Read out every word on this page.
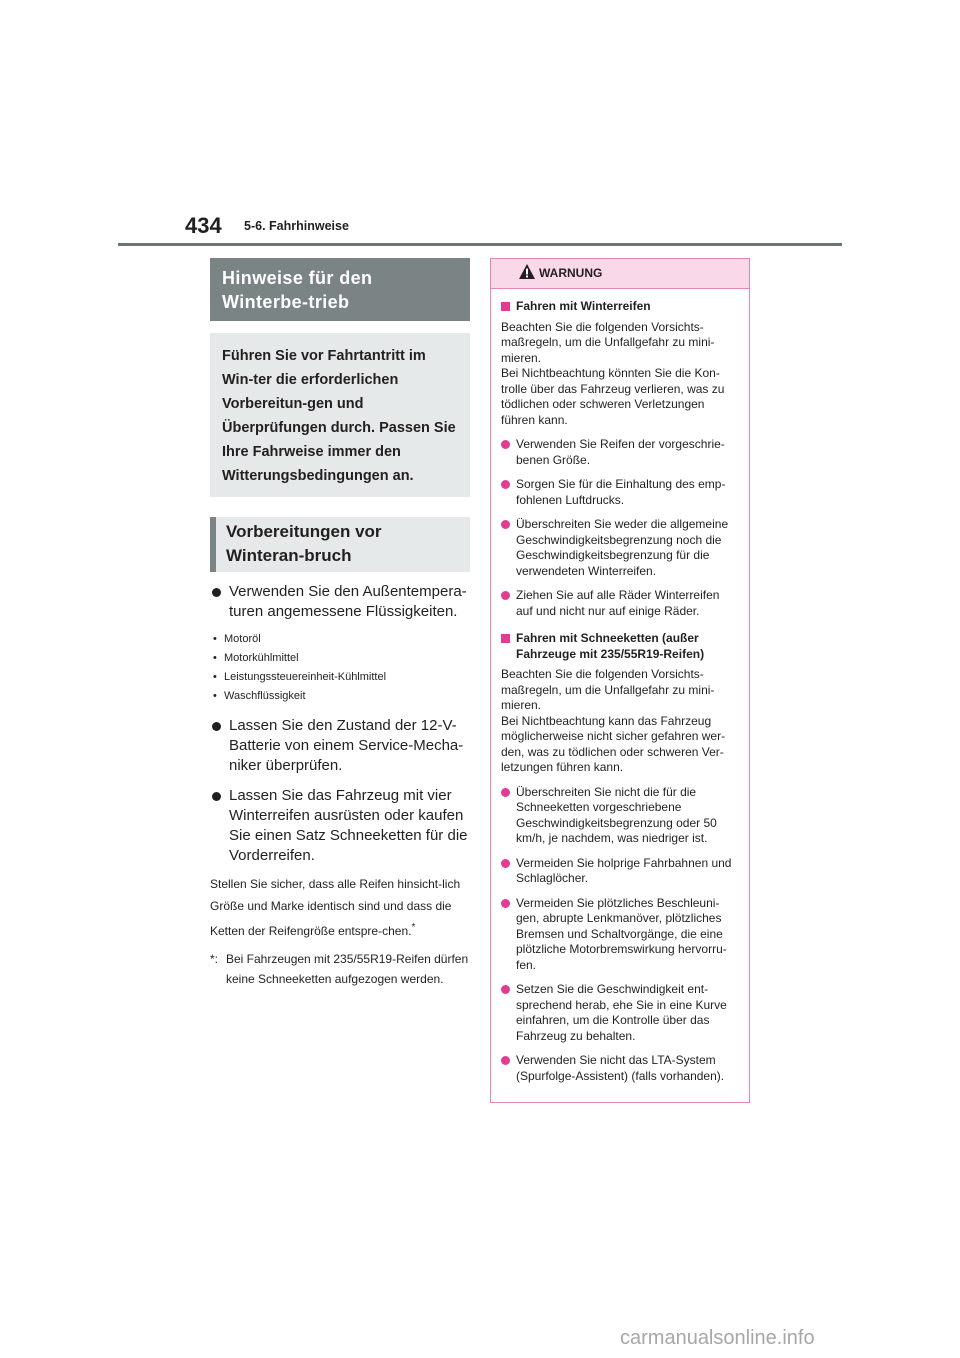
434 5-6. Fahrhinweise
Hinweise für den Winterbe-trieb
Führen Sie vor Fahrtantritt im Win-ter die erforderlichen Vorbereitun-gen und Überprüfungen durch. Passen Sie Ihre Fahrweise immer den Witterungsbedingungen an.
Vorbereitungen vor Winteran-bruch
Verwenden Sie den Außentempera-turen angemessene Flüssigkeiten.
• Motoröl
• Motorkühlmittel
• Leistungssteuereinheit-Kühlmittel
• Waschflüssigkeit
Lassen Sie den Zustand der 12-V-Batterie von einem Service-Mecha-niker überprüfen.
Lassen Sie das Fahrzeug mit vier Winterreifen ausrüsten oder kaufen Sie einen Satz Schneeketten für die Vorderreifen.
Stellen Sie sicher, dass alle Reifen hinsicht-lich Größe und Marke identisch sind und dass die Ketten der Reifengröße entspre-chen.*
*: Bei Fahrzeugen mit 235/55R19-Reifen dürfen keine Schneeketten aufgezogen werden.
WARNUNG
Fahren mit Winterreifen
Beachten Sie die folgenden Vorsichts-maßregeln, um die Unfallgefahr zu mini-mieren.
Bei Nichtbeachtung könnten Sie die Kon-trolle über das Fahrzeug verlieren, was zu tödlichen oder schweren Verletzungen führen kann.
Verwenden Sie Reifen der vorgeschrie-benen Größe.
Sorgen Sie für die Einhaltung des emp-fohlenen Luftdrucks.
Überschreiten Sie weder die allgemeine Geschwindigkeitsbegrenzung noch die Geschwindigkeitsbegrenzung für die verwendeten Winterreifen.
Ziehen Sie auf alle Räder Winterreifen auf und nicht nur auf einige Räder.
Fahren mit Schneeketten (außer Fahrzeuge mit 235/55R19-Reifen)
Beachten Sie die folgenden Vorsichts-maßregeln, um die Unfallgefahr zu mini-mieren.
Bei Nichtbeachtung kann das Fahrzeug möglicherweise nicht sicher gefahren wer-den, was zu tödlichen oder schweren Ver-letzungen führen kann.
Überschreiten Sie nicht die für die Schneeketten vorgeschriebene Geschwindigkeitsbegrenzung oder 50 km/h, je nachdem, was niedriger ist.
Vermeiden Sie holprige Fahrbahnen und Schlaglöcher.
Vermeiden Sie plötzliches Beschleuni-gen, abrupte Lenkmanöver, plötzliches Bremsen und Schaltvorgänge, die eine plötzliche Motorbremswirkung hervorru-fen.
Setzen Sie die Geschwindigkeit ent-sprechend herab, ehe Sie in eine Kurve einfahren, um die Kontrolle über das Fahrzeug zu behalten.
Verwenden Sie nicht das LTA-System (Spurfolge-Assistent) (falls vorhanden).
carmanualsonline.info
